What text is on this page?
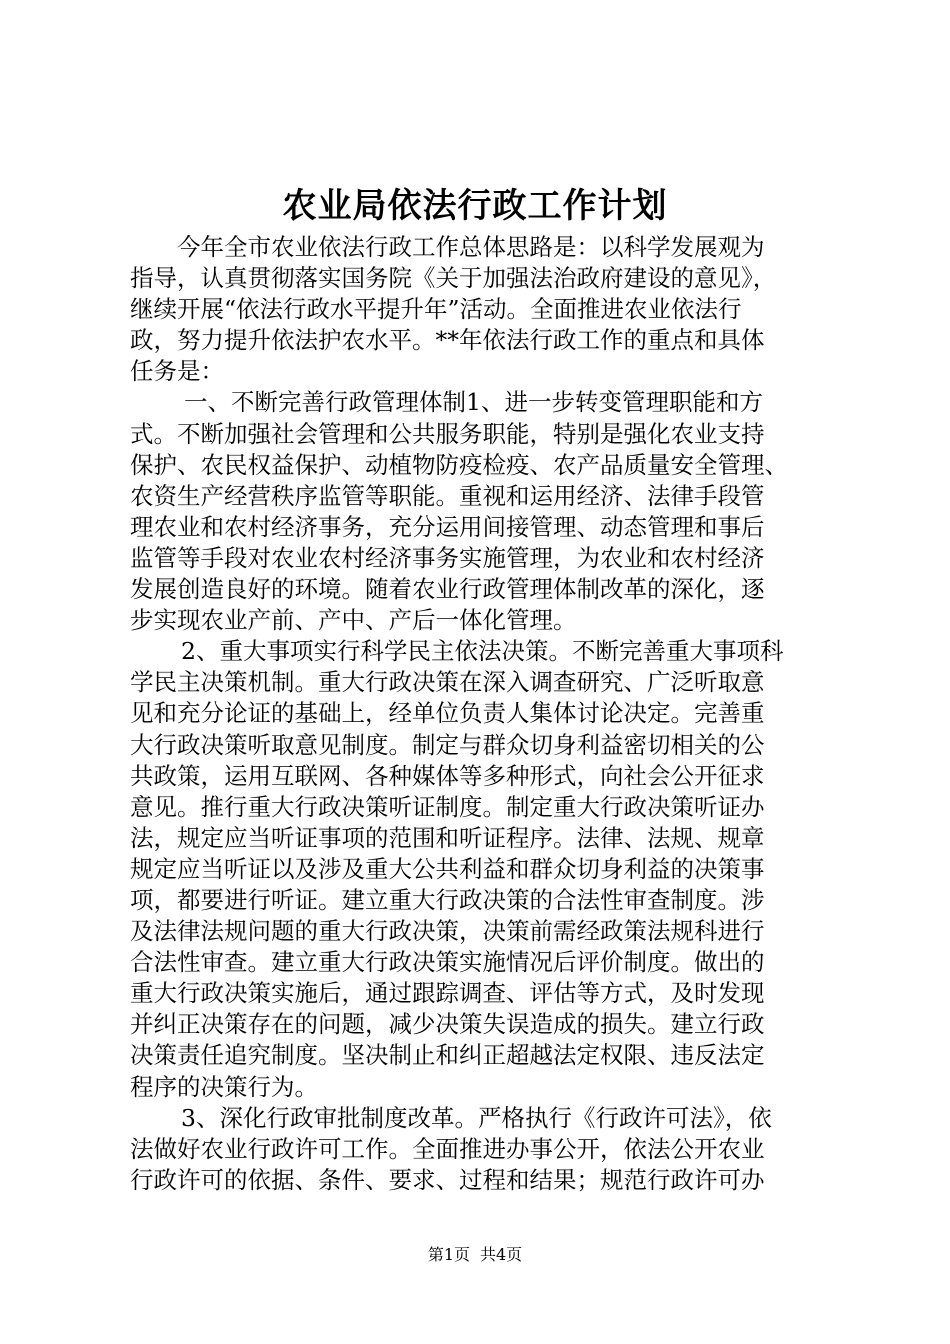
农业局依法行政工作计划
今年全市农业依法行政工作总体思路是：以科学发展观为
指导，认真贯彻落实国务院《关于加强法治政府建设的意见》，
继续开展“依法行政水平提升年”活动。全面推进农业依法行
政，努力提升依法护农水平。**年依法行政工作的重点和具体
任务是：
一、不断完善行政管理体制1、进一步转变管理职能和方
式。不断加强社会管理和公共服务职能，特别是强化农业支持
保护、农民权益保护、动植物防疫检疫、农产品质量安全管理、
农资生产经营秩序监管等职能。重视和运用经济、法律手段管
理农业和农村经济事务，充分运用间接管理、动态管理和事后
监管等手段对农业农村经济事务实施管理，为农业和农村经济
发展创造良好的环境。随着农业行政管理体制改革的深化，逐
步实现农业产前、产中、产后一体化管理。
2、重大事项实行科学民主依法决策。不断完善重大事项科
学民主决策机制。重大行政决策在深入调查研究、广泛听取意
见和充分论证的基础上，经单位负责人集体讨论决定。完善重
大行政决策听取意见制度。制定与群众切身利益密切相关的公
共政策，运用互联网、各种媒体等多种形式，向社会公开征求
意见。推行重大行政决策听证制度。制定重大行政决策听证办
法，规定应当听证事项的范围和听证程序。法律、法规、规章
规定应当听证以及涉及重大公共利益和群众切身利益的决策事
项，都要进行听证。建立重大行政决策的合法性审查制度。涉
及法律法规问题的重大行政决策，决策前需经政策法规科进行
合法性审查。建立重大行政决策实施情况后评价制度。做出的
重大行政决策实施后，通过跟踪调查、评估等方式，及时发现
并纠正决策存在的问题，减少决策失误造成的损失。建立行政
决策责任追究制度。坚决制止和纠正超越法定权限、违反法定
程序的决策行为。
3、深化行政审批制度改革。严格执行《行政许可法》，依
法做好农业行政许可工作。全面推进办事公开，依法公开农业
行政许可的依据、条件、要求、过程和结果；规范行政许可办
第1页 共4页
